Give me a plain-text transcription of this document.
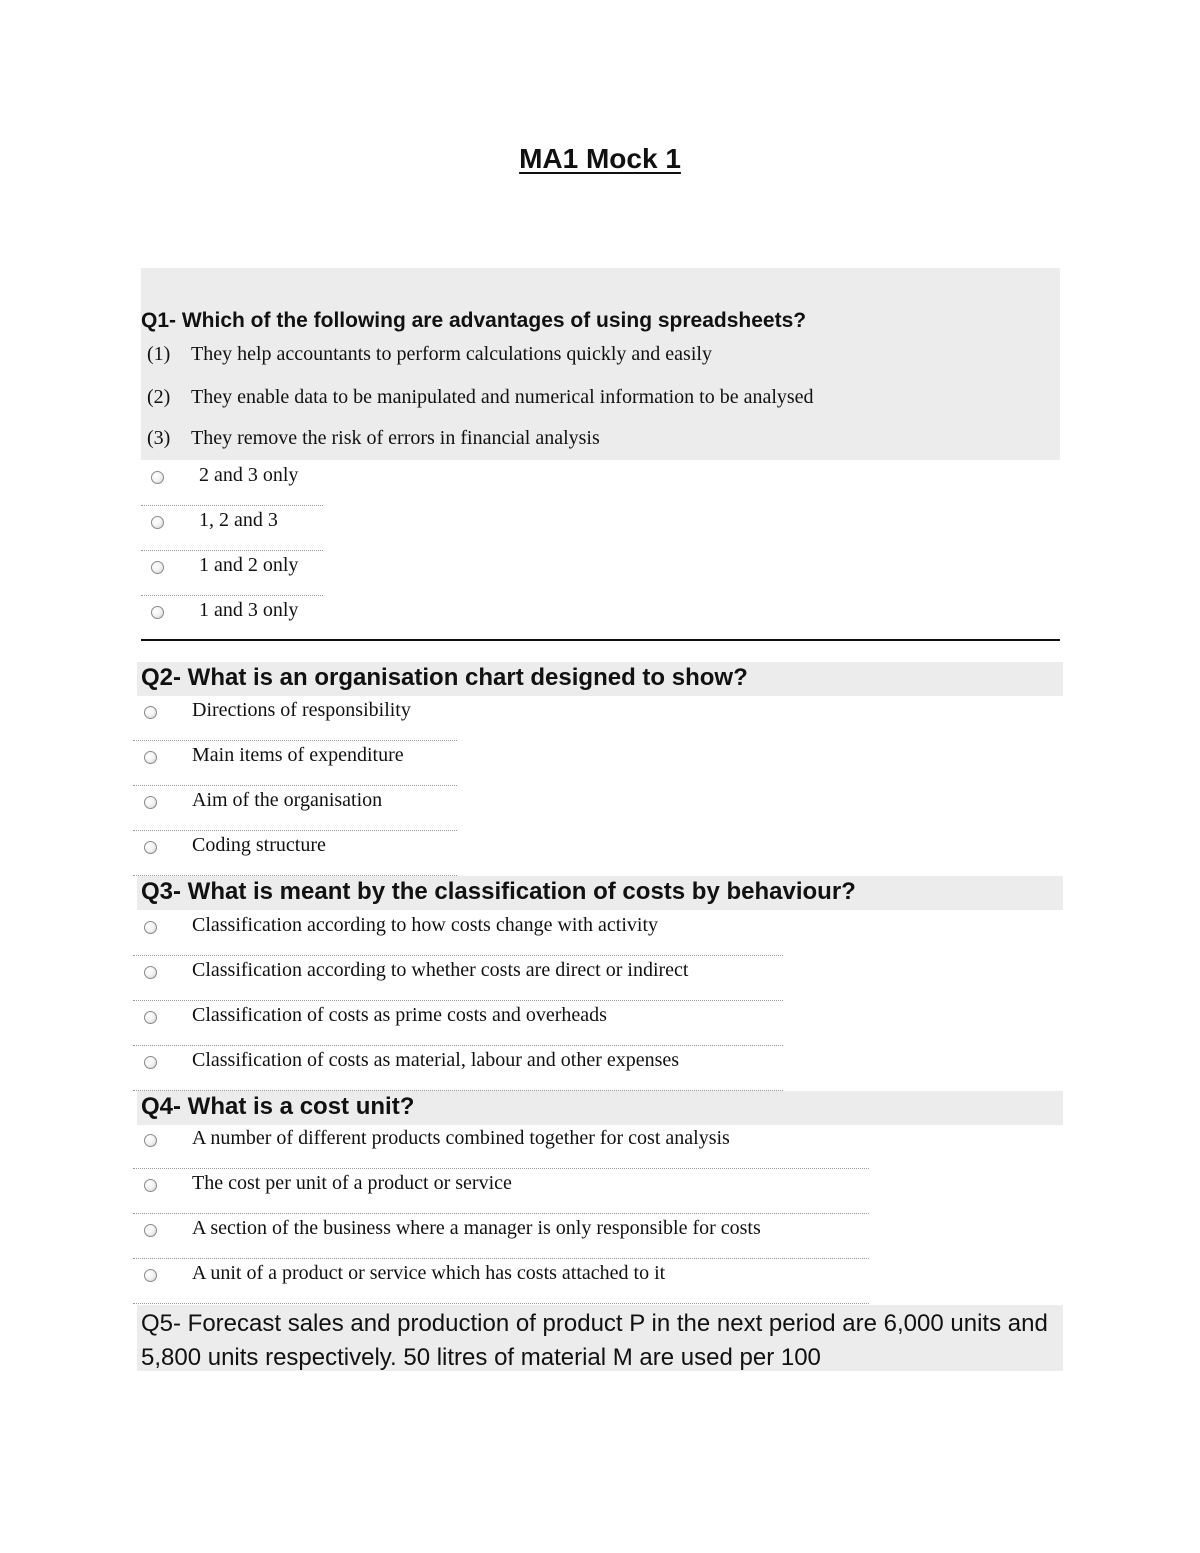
MA1 Mock 1

Q1- Which of the following are advantages of using spreadsheets?

(1) They help accountants to perform calculations quickly and easily
(2) They enable data to be manipulated and numerical information to be analysed
(3) They remove the risk of errors in financial analysis
2 and 3 only
1, 2 and 3
1 and 2 only
1 and 3 only
Q2- What is an organisation chart designed to show?
Directions of responsibility
Main items of expenditure
Aim of the organisation
Coding structure
Q3- What is meant by the classification of costs by behaviour?
Classification according to how costs change with activity
Classification according to whether costs are direct or indirect
Classification of costs as prime costs and overheads
Classification of costs as material, labour and other expenses
Q4- What is a cost unit?
A number of different products combined together for cost analysis
The cost per unit of a product or service
A section of the business where a manager is only responsible for costs
A unit of a product or service which has costs attached to it

Q5- Forecast sales and production of product P in the next period are 6,000 units and 5,800 units respectively. 50 litres of material M are used per 100
